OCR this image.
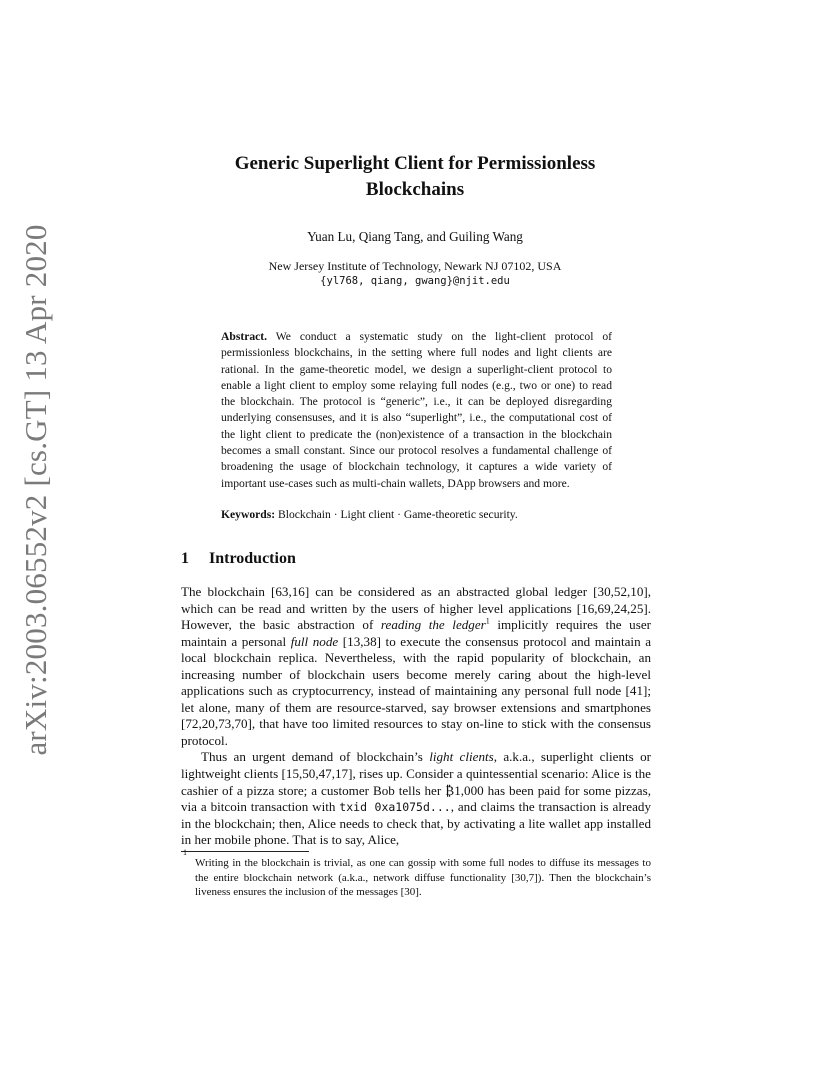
arXiv:2003.06552v2 [cs.GT] 13 Apr 2020
Generic Superlight Client for Permissionless
Blockchains
Yuan Lu, Qiang Tang, and Guiling Wang
New Jersey Institute of Technology, Newark NJ 07102, USA
{yl768, qiang, gwang}@njit.edu
Abstract. We conduct a systematic study on the light-client protocol of permissionless blockchains, in the setting where full nodes and light clients are rational. In the game-theoretic model, we design a superlight-client protocol to enable a light client to employ some relaying full nodes (e.g., two or one) to read the blockchain. The protocol is “generic”, i.e., it can be deployed disregarding underlying consensuses, and it is also “superlight”, i.e., the computational cost of the light client to predicate the (non)existence of a transaction in the blockchain becomes a small constant. Since our protocol resolves a fundamental challenge of broadening the usage of blockchain technology, it captures a wide variety of important use-cases such as multi-chain wallets, DApp browsers and more.
Keywords: Blockchain · Light client · Game-theoretic security.
1 Introduction

The blockchain [63,16] can be considered as an abstracted global ledger [30,52,10], which can be read and written by the users of higher level applications [16,69,24,25]. However, the basic abstraction of reading the ledger$^1$ implicitly requires the user maintain a personal full node [13,38] to execute the consensus protocol and maintain a local blockchain replica. Nevertheless, with the rapid popularity of blockchain, an increasing number of blockchain users become merely caring about the high-level applications such as cryptocurrency, instead of maintaining any personal full node [41]; let alone, many of them are resource-starved, say browser extensions and smartphones [72,20,73,70], that have too limited resources to stay on-line to stick with the consensus protocol.

Thus an urgent demand of blockchain’s light clients, a.k.a., superlight clients or lightweight clients [15,50,47,17], rises up. Consider a quintessential scenario: Alice is the cashier of a pizza store; a customer Bob tells her ₿1,000 has been paid for some pizzas, via a bitcoin transaction with txid 0xa1075d..., and claims the transaction is already in the blockchain; then, Alice needs to check that, by activating a lite wallet app installed in her mobile phone. That is to say, Alice,

1
Writing in the blockchain is trivial, as one can gossip with some full nodes to diffuse its messages to the entire blockchain network (a.k.a., network diffuse functionality [30,7]). Then the blockchain’s liveness ensures the inclusion of the messages [30].
